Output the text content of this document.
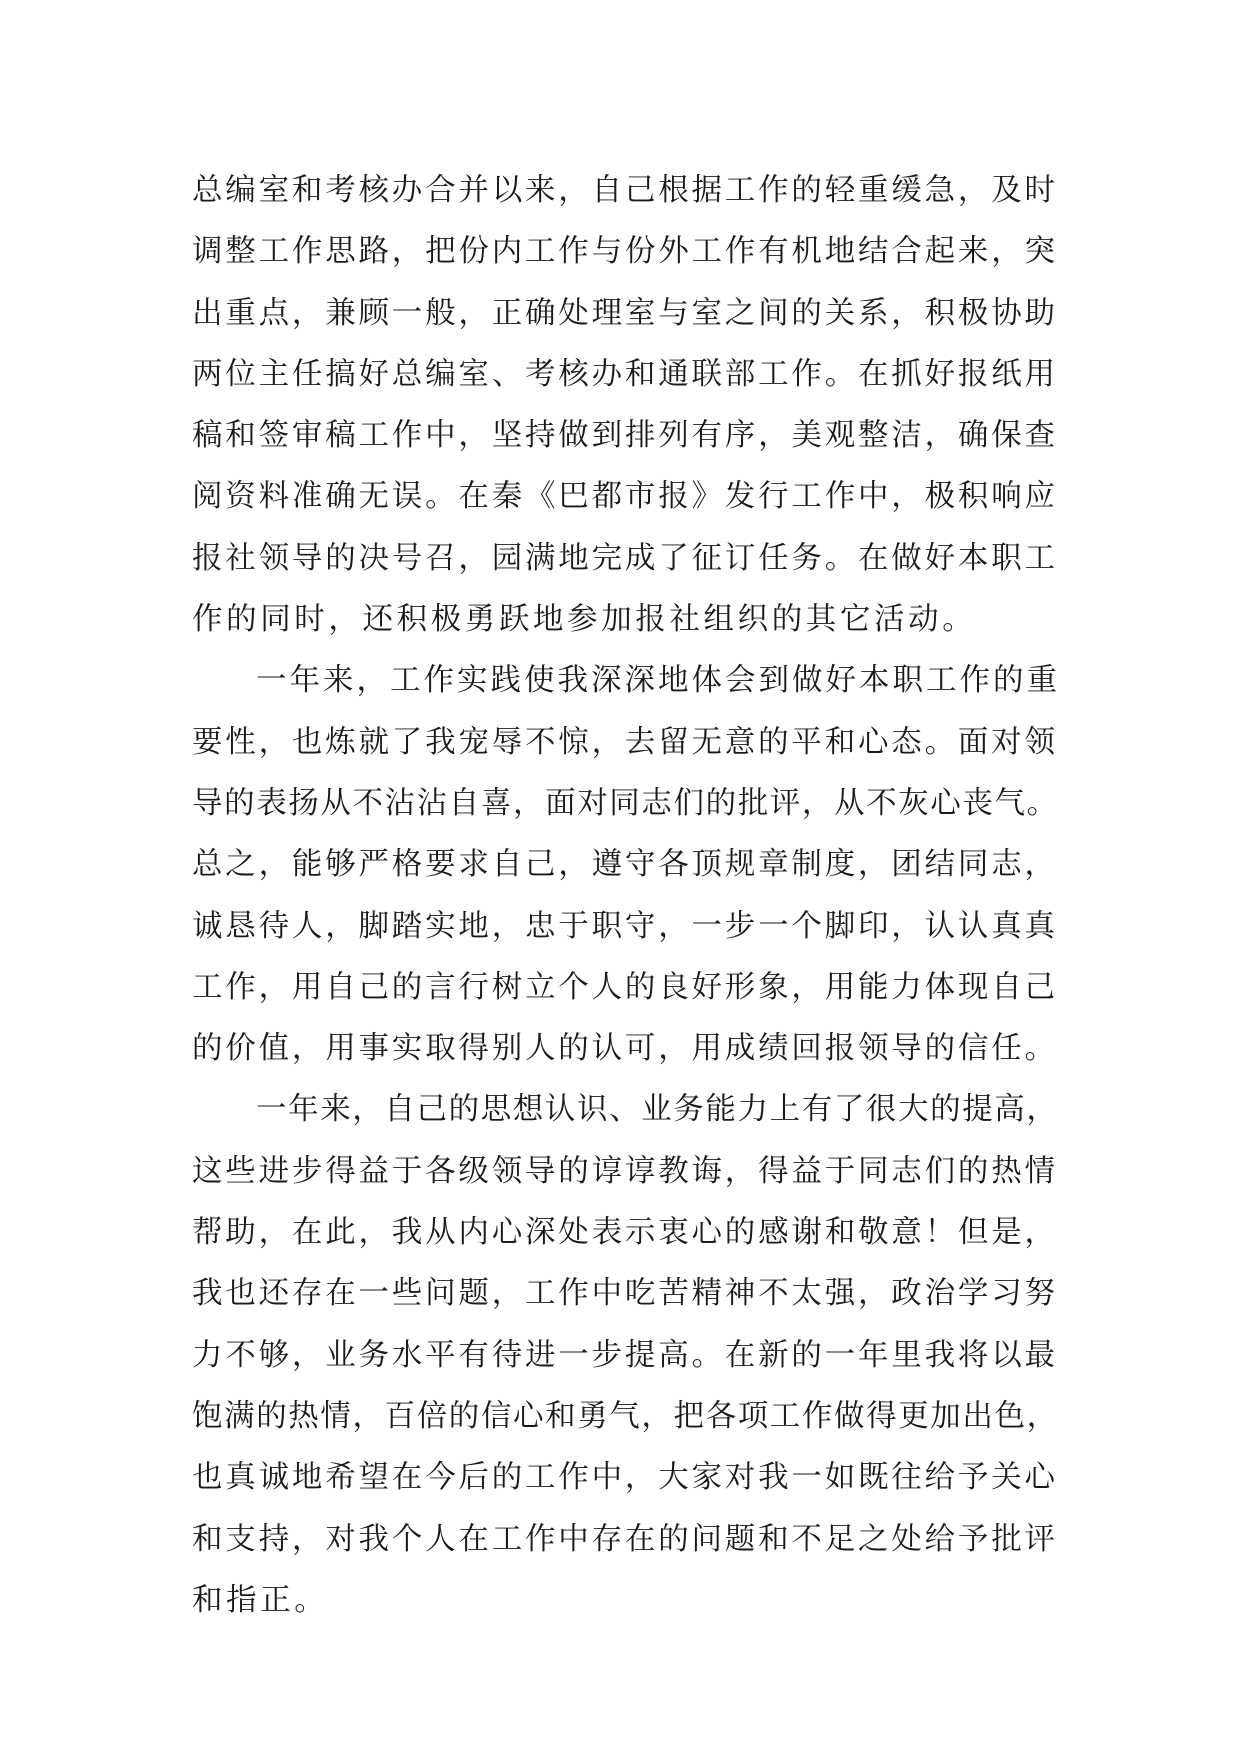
总编室和考核办合并以来，自己根据工作的轻重缓急，及时
调整工作思路，把份内工作与份外工作有机地结合起来，突
出重点，兼顾一般，正确处理室与室之间的关系，积极协助
两位主任搞好总编室、考核办和通联部工作。在抓好报纸用
稿和签审稿工作中，坚持做到排列有序，美观整洁，确保查
阅资料准确无误。在秦《巴都市报》发行工作中，极积响应
报社领导的决号召，园满地完成了征订任务。在做好本职工
作的同时，还积极勇跃地参加报社组织的其它活动。
一年来，工作实践使我深深地体会到做好本职工作的重
要性，也炼就了我宠辱不惊，去留无意的平和心态。面对领
导的表扬从不沾沾自喜，面对同志们的批评，从不灰心丧气。
总之，能够严格要求自己，遵守各顶规章制度，团结同志，
诚恳待人，脚踏实地，忠于职守，一步一个脚印，认认真真
工作，用自己的言行树立个人的良好形象，用能力体现自己
的价值，用事实取得别人的认可，用成绩回报领导的信任。
一年来，自己的思想认识、业务能力上有了很大的提高，
这些进步得益于各级领导的谆谆教诲，得益于同志们的热情
帮助，在此，我从内心深处表示衷心的感谢和敬意！但是，
我也还存在一些问题，工作中吃苦精神不太强，政治学习努
力不够，业务水平有待进一步提高。在新的一年里我将以最
饱满的热情，百倍的信心和勇气，把各项工作做得更加出色，
也真诚地希望在今后的工作中，大家对我一如既往给予关心
和支持，对我个人在工作中存在的问题和不足之处给予批评
和指正。
